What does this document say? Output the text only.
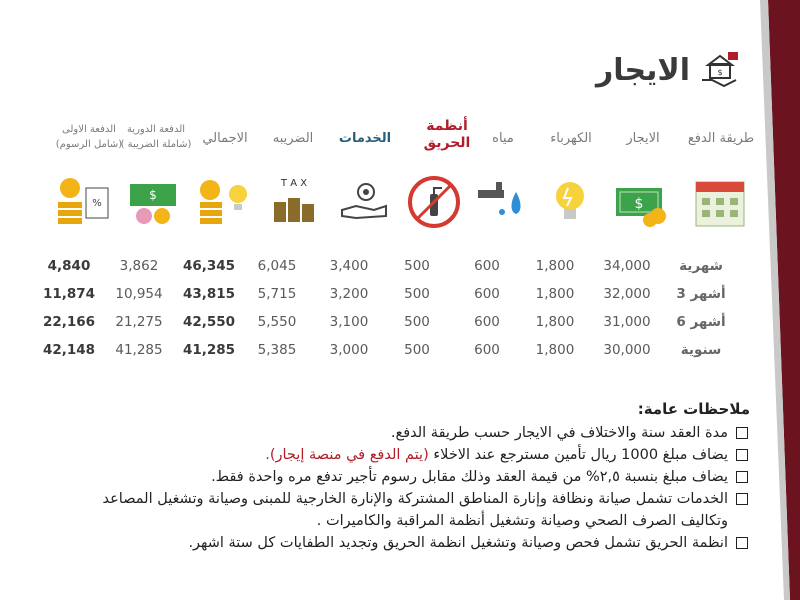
$
الايجار
طريقة الدفع
الايجار
الكهرباء
مياه
أنظمة الحريق
الخدمات
الضريبه
الاجمالي
الدفعة الدورية (شاملة الضريبة )
الدفعة الاولى (شامل الرسوم)
$
T A X
$
%
شهرية
34,000
1,800
600
500
3,400
6,045
46,345
3,862
4,840
3 أشهر
32,000
1,800
600
500
3,200
5,715
43,815
10,954
11,874
6 أشهر
31,000
1,800
600
500
3,100
5,550
42,550
21,275
22,166
سنوية
30,000
1,800
600
500
3,000
5,385
41,285
41,285
42,148
ملاحظات عامة:
مدة العقد سنة والاختلاف في الايجار حسب طريقة الدفع.
يضاف مبلغ 1000 ريال تأمين مسترجع عند الاخلاء (يتم الدفع في منصة إيجار).
يضاف مبلغ بنسبة ٢,٥% من قيمة العقد وذلك مقابل رسوم تأجير تدفع مره واحدة فقط.
الخدمات تشمل صيانة ونظافة وإنارة المناطق المشتركة والإنارة الخارجية للمبنى وصيانة وتشغيل المصاعد وتكاليف الصرف الصحي وصيانة وتشغيل أنظمة المراقبة والكاميرات .
انظمة الحريق تشمل فحص وصيانة وتشغيل انظمة الحريق وتجديد الطفايات كل ستة اشهر.
